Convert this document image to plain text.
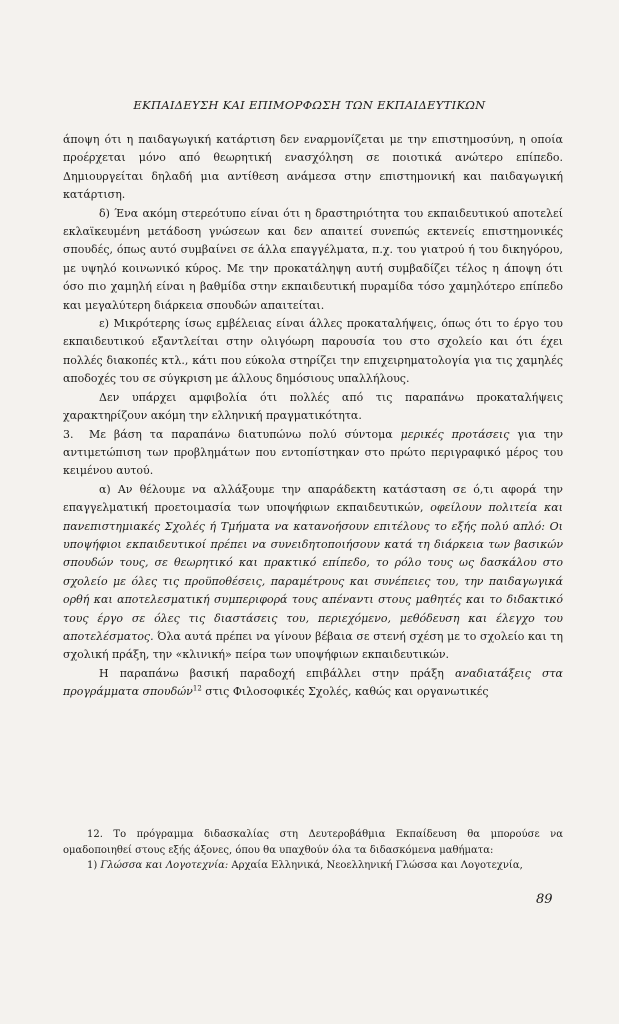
ΕΚΠΑΙΔΕΥΣΗ ΚΑΙ ΕΠΙΜΟΡΦΩΣΗ ΤΩΝ ΕΚΠΑΙΔΕΥΤΙΚΩΝ

άποψη ότι η παιδαγωγική κατάρτιση δεν εναρμονίζεται με την επιστημοσύνη, η οποία προέρχεται μόνο από θεωρητική ενασχόληση σε ποιοτικά ανώτερο επίπεδο. Δημιουργείται δηλαδή μια αντίθεση ανάμεσα στην επιστημονική και παιδαγωγική κατάρτιση.

δ) Ένα ακόμη στερεότυπο είναι ότι η δραστηριότητα του εκπαιδευτικού αποτελεί εκλαϊκευμένη μετάδοση γνώσεων και δεν απαιτεί συνεπώς εκτενείς επιστημονικές σπουδές, όπως αυτό συμβαίνει σε άλλα επαγγέλματα, π.χ. του γιατρού ή του δικηγόρου, με υψηλό κοινωνικό κύρος. Με την προκατάληψη αυτή συμβαδίζει τέλος η άποψη ότι όσο πιο χαμηλή είναι η βαθμίδα στην εκπαιδευτική πυραμίδα τόσο χαμηλότερο επίπεδο και μεγαλύτερη διάρκεια σπουδών απαιτείται.

ε) Μικρότερης ίσως εμβέλειας είναι άλλες προκαταλήψεις, όπως ότι το έργο του εκπαιδευτικού εξαντλείται στην ολιγόωρη παρουσία του στο σχολείο και ότι έχει πολλές διακοπές κτλ., κάτι που εύκολα στηρίζει την επιχειρηματολογία για τις χαμηλές αποδοχές του σε σύγκριση με άλλους δημόσιους υπαλλήλους.

Δεν υπάρχει αμφιβολία ότι πολλές από τις παραπάνω προκαταλήψεις χαρακτηρίζουν ακόμη την ελληνική πραγματικότητα.

3. Με βάση τα παραπάνω διατυπώνω πολύ σύντομα μερικές προτάσεις για την αντιμετώπιση των προβλημάτων που εντοπίστηκαν στο πρώτο περιγραφικό μέρος του κειμένου αυτού.

α) Αν θέλουμε να αλλάξουμε την απαράδεκτη κατάσταση σε ό,τι αφορά την επαγγελματική προετοιμασία των υποψήφιων εκπαιδευτικών, οφείλουν πολιτεία και πανεπιστημιακές Σχολές ή Τμήματα να κατανοήσουν επιτέλους το εξής πολύ απλό: Οι υποψήφιοι εκπαιδευτικοί πρέπει να συνειδητοποιήσουν κατά τη διάρκεια των βασικών σπουδών τους, σε θεωρητικό και πρακτικό επίπεδο, το ρόλο τους ως δασκάλου στο σχολείο με όλες τις προϋποθέσεις, παραμέτρους και συνέπειες του, την παιδαγωγικά ορθή και αποτελεσματική συμπεριφορά τους απέναντι στους μαθητές και το διδακτικό τους έργο σε όλες τις διαστάσεις του, περιεχόμενο, μεθόδευση και έλεγχο του αποτελέσματος. Όλα αυτά πρέπει να γίνουν βέβαια σε στενή σχέση με το σχολείο και τη σχολική πράξη, την «κλινική» πείρα των υποψήφιων εκπαιδευτικών.

Η παραπάνω βασική παραδοχή επιβάλλει στην πράξη αναδιατάξεις στα προγράμματα σπουδών$^{12}$ στις Φιλοσοφικές Σχολές, καθώς και οργανωτικές

12. Το πρόγραμμα διδασκαλίας στη Δευτεροβάθμια Εκπαίδευση θα μπορούσε να ομαδοποιηθεί στους εξής άξονες, όπου θα υπαχθούν όλα τα διδασκόμενα μαθήματα:

1) Γλώσσα και Λογοτεχνία: Αρχαία Ελληνικά, Νεοελληνική Γλώσσα και Λογοτεχνία,

89
